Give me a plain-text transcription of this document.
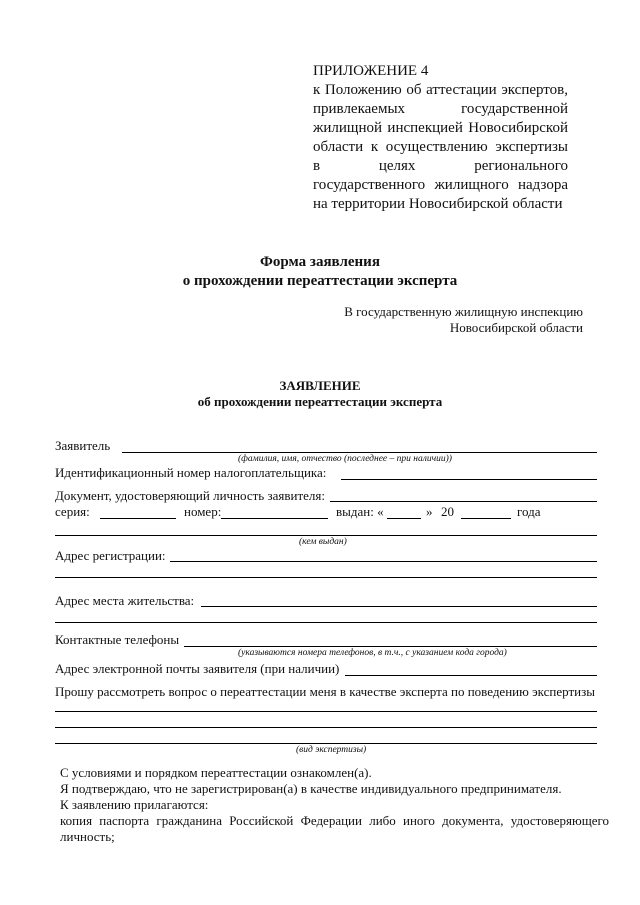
ПРИЛОЖЕНИЕ 4
к Положению об аттестации экспертов,
привлекаемых государственной
жилищной инспекцией Новосибирской
области к осуществлению экспертизы
в целях регионального
государственного жилищного надзора
на территории Новосибирской области
Форма заявления
о прохождении переаттестации эксперта
В государственную жилищную инспекцию
Новосибирской области
ЗАЯВЛЕНИЕ
об прохождении переаттестации эксперта
Заявитель
(фамилия, имя, отчество (последнее – при наличии))
Идентификационный номер налогоплательщика:
Документ, удостоверяющий личность заявителя:
серия:	номер:	выдан: «	» 20	года
(кем выдан)
Адрес регистрации:
Адрес места жительства:
Контактные телефоны
(указываются номера телефонов, в т.ч., с указанием кода города)
Адрес электронной почты заявителя (при наличии)
Прошу рассмотреть вопрос о переаттестации меня в качестве эксперта по поведению экспертизы
(вид экспертизы)
С условиями и порядком переаттестации ознакомлен(а).
Я подтверждаю, что не зарегистрирован(а) в качестве индивидуального предпринимателя.
К заявлению прилагаются:
копия паспорта гражданина Российской Федерации либо иного документа, удостоверяющего личность;
